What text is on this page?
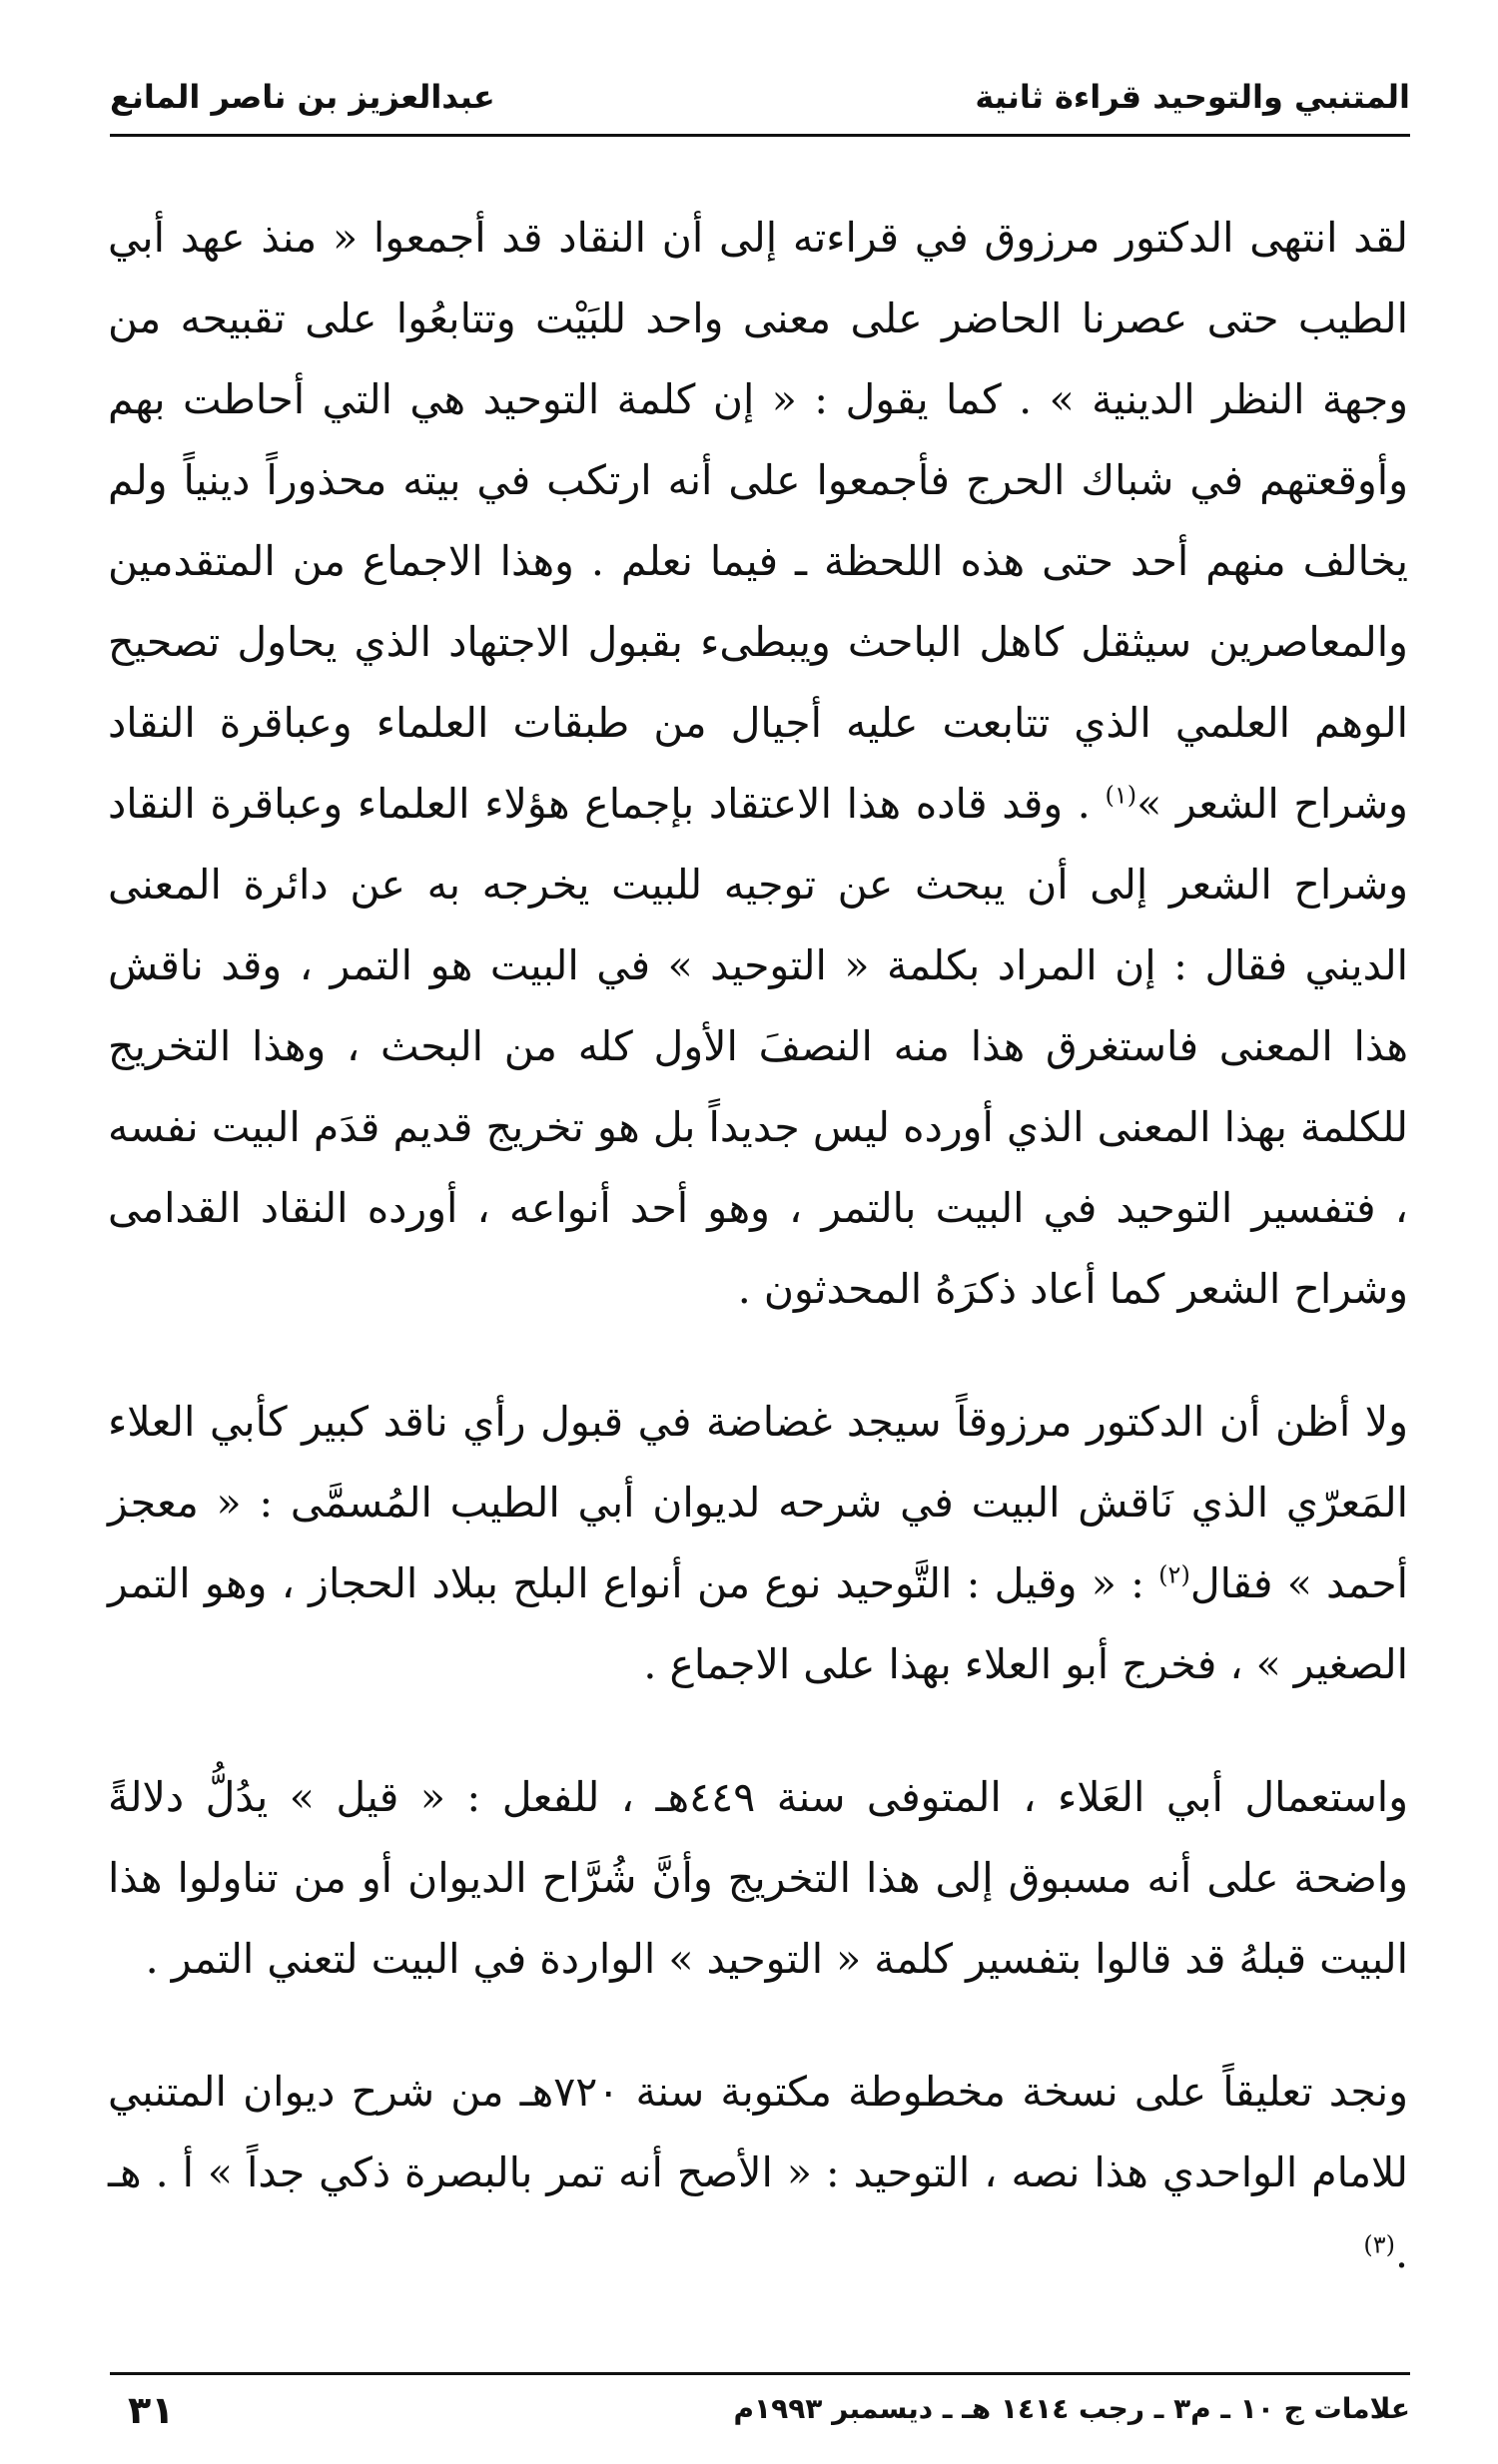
المتنبي والتوحيد قراءة ثانية
عبدالعزيز بن ناصر المانع

لقد انتهى الدكتور مرزوق في قراءته إلى أن النقاد قد أجمعوا « منذ عهد أبي الطيب حتى عصرنا الحاضر على معنى واحد للبَيْت وتتابعُوا على تقبيحه من وجهة النظر الدينية » . كما يقول : « إن كلمة التوحيد هي التي أحاطت بهم وأوقعتهم في شباك الحرج فأجمعوا على أنه ارتكب في بيته محذوراً دينياً ولم يخالف منهم أحد حتى هذه اللحظة ـ فيما نعلم . وهذا الاجماع من المتقدمين والمعاصرين سيثقل كاهل الباحث ويبطىء بقبول الاجتهاد الذي يحاول تصحيح الوهم العلمي الذي تتابعت عليه أجيال من طبقات العلماء وعباقرة النقاد وشراح الشعر »$^{(١)}$ . وقد قاده هذا الاعتقاد بإجماع هؤلاء العلماء وعباقرة النقاد وشراح الشعر إلى أن يبحث عن توجيه للبيت يخرجه به عن دائرة المعنى الديني فقال : إن المراد بكلمة « التوحيد » في البيت هو التمر ، وقد ناقش هذا المعنى فاستغرق هذا منه النصفَ الأول كله من البحث ، وهذا التخريج للكلمة بهذا المعنى الذي أورده ليس جديداً بل هو تخريج قديم قدَم البيت نفسه ، فتفسير التوحيد في البيت بالتمر ، وهو أحد أنواعه ، أورده النقاد القدامى وشراح الشعر كما أعاد ذكرَهُ المحدثون .

ولا أظن أن الدكتور مرزوقاً سيجد غضاضة في قبول رأي ناقد كبير كأبي العلاء المَعرّي الذي نَاقش البيت في شرحه لديوان أبي الطيب المُسمَّى : « معجز أحمد » فقال$^{(٢)}$ : « وقيل : التَّوحيد نوع من أنواع البلح ببلاد الحجاز ، وهو التمر الصغير » ، فخرج أبو العلاء بهذا على الاجماع .

واستعمال أبي العَلاء ، المتوفى سنة ٤٤٩هـ ، للفعل : « قيل » يدُلُّ دلالةً واضحة على أنه مسبوق إلى هذا التخريج وأنَّ شُرَّاح الديوان أو من تناولوا هذا البيت قبلهُ قد قالوا بتفسير كلمة « التوحيد » الواردة في البيت لتعني التمر .

ونجد تعليقاً على نسخة مخطوطة مكتوبة سنة ٧٢٠هـ من شرح ديوان المتنبي للامام الواحدي هذا نصه ، التوحيد : « الأصح أنه تمر بالبصرة ذكي جداً » أ . هـ .$^{(٣)}$

علامات ج ١٠ ـ م٣ ـ رجب ١٤١٤ هـ ـ ديسمبر ١٩٩٣م
٣١
